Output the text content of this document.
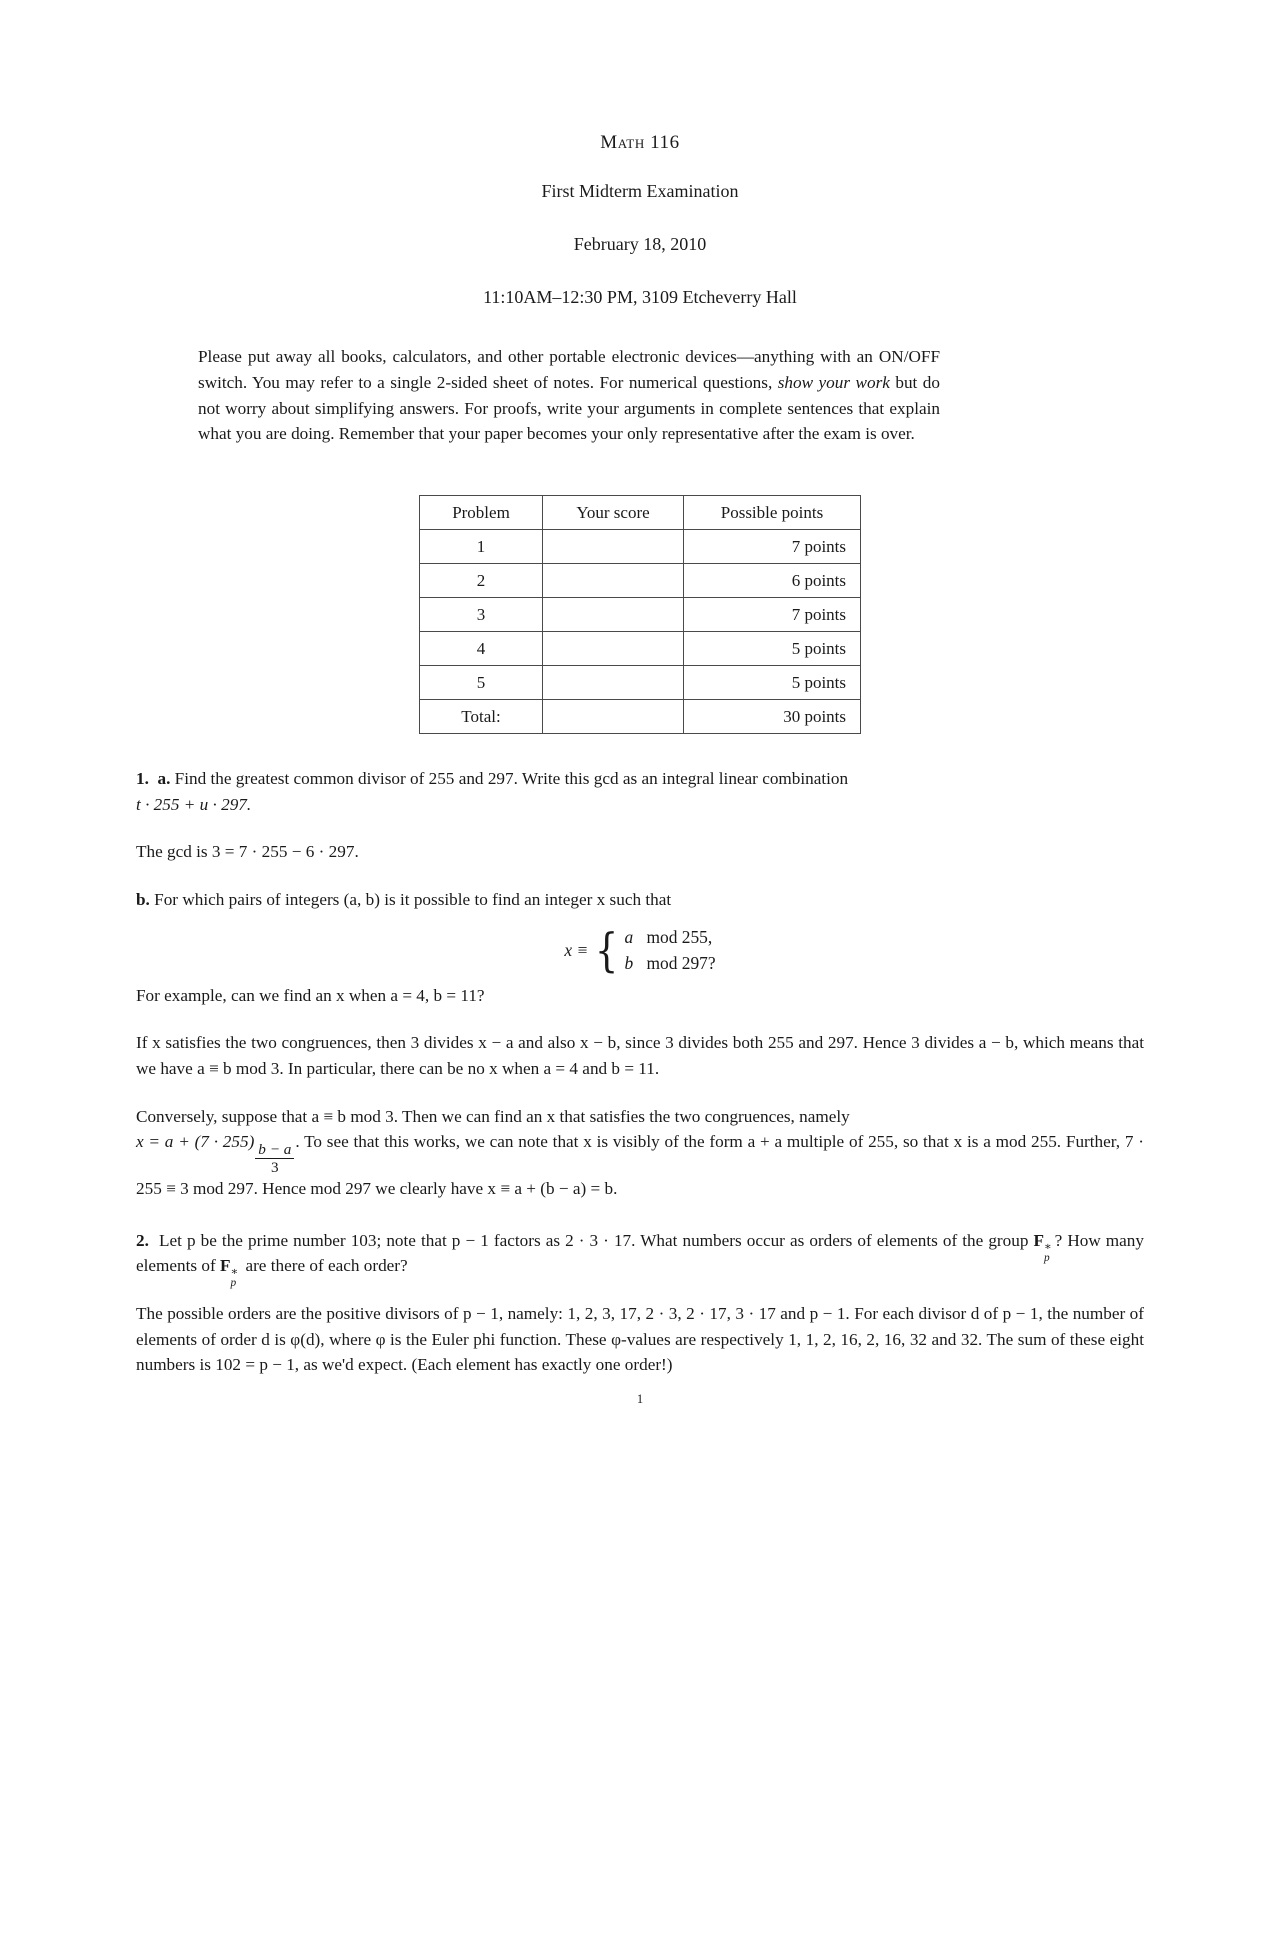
Math 116
First Midterm Examination
February 18, 2010
11:10AM–12:30 PM, 3109 Etcheverry Hall
Please put away all books, calculators, and other portable electronic devices—anything with an ON/OFF switch. You may refer to a single 2-sided sheet of notes. For numerical questions, show your work but do not worry about simplifying answers. For proofs, write your arguments in complete sentences that explain what you are doing. Remember that your paper becomes your only representative after the exam is over.
Problem	Your score	Possible points
1		7 points
2		6 points
3		7 points
4		5 points
5		5 points
Total:		30 points

1. a. Find the greatest common divisor of 255 and 297. Write this gcd as an integral linear combination
t · 255 + u · 297.

The gcd is 3 = 7 · 255 − 6 · 297.

b. For which pairs of integers (a, b) is it possible to find an integer x such that

x ≡ { a mod 255,
b mod 297?

For example, can we find an x when a = 4, b = 11?

If x satisfies the two congruences, then 3 divides x − a and also x − b, since 3 divides both 255 and 297. Hence 3 divides a − b, which means that we have a ≡ b mod 3. In particular, there can be no x when a = 4 and b = 11.

Conversely, suppose that a ≡ b mod 3. Then we can find an x that satisfies the two congruences, namely
$x = a + (7 \cdot 255) \frac{b - a}{3}$ . To see that this works, we can note that x is visibly of the form a + a multiple of 255, so that x is a mod 255. Further, 7 · 255 ≡ 3 mod 297. Hence mod 297 we clearly have x ≡ a + (b − a) = b.

2. Let p be the prime number 103; note that p − 1 factors as 2 · 3 · 17. What numbers occur as orders of elements of the group F ∗
p
? How many elements of F ∗
p
are there of each order?

The possible orders are the positive divisors of p − 1, namely: 1, 2, 3, 17, 2 · 3, 2 · 17, 3 · 17 and p − 1. For each divisor d of p − 1, the number of elements of order d is φ(d), where φ is the Euler phi function. These φ-values are respectively 1, 1, 2, 16, 2, 16, 32 and 32. The sum of these eight numbers is 102 = p − 1, as we'd expect. (Each element has exactly one order!)

1
